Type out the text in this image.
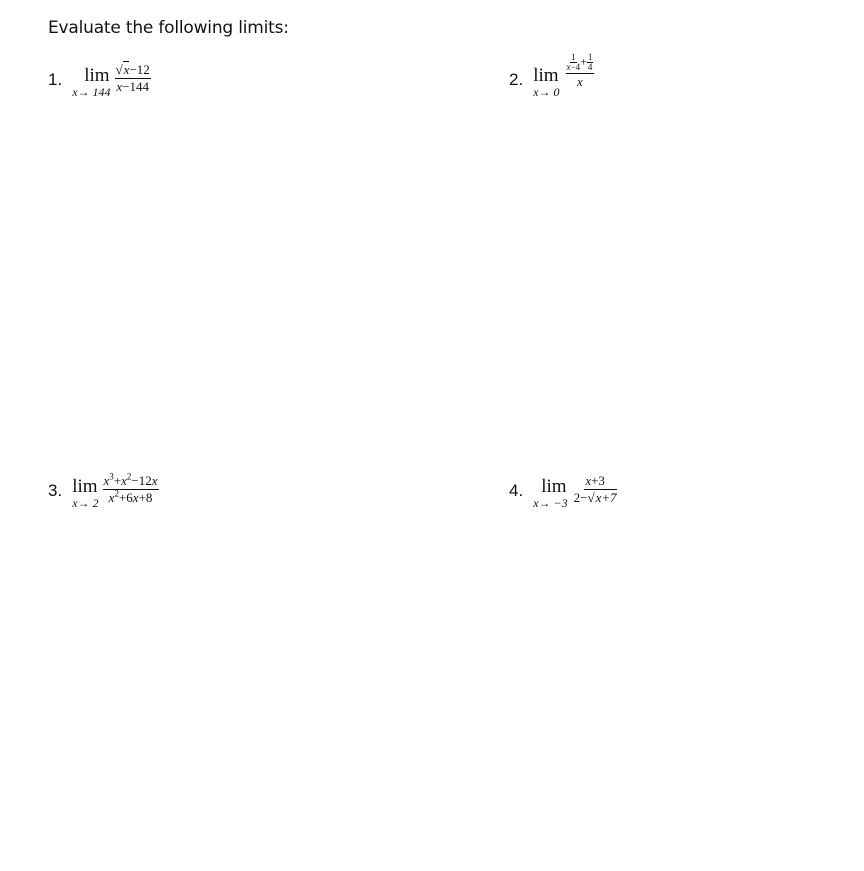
Evaluate the following limits:
1. lim
$x\to 144 \frac{√x-12}{x-144}$	2. lim
x→ 0
$\frac{\frac{1}{x-4} + \frac{1}{4}}{x}$
3. lim
$x\to 2 \frac{x^3+x^2-12x}{x^2+6x+8}$	4. lim
$x\to -3 \frac{x+3}{2-√x+7}$
